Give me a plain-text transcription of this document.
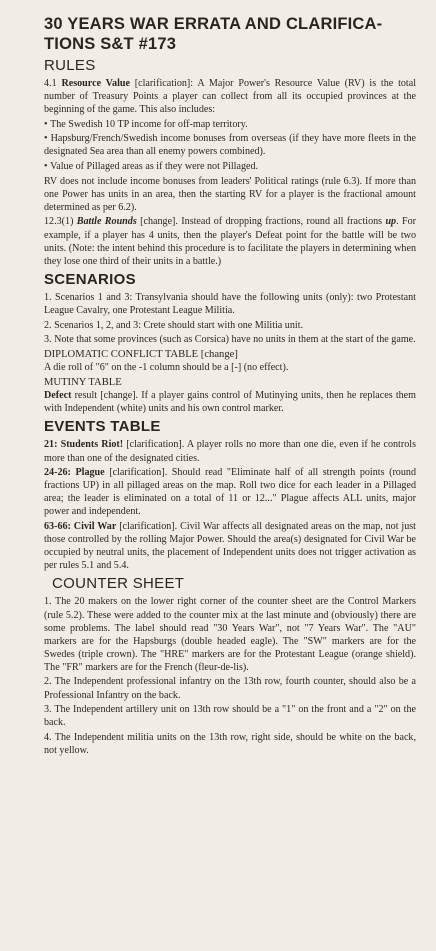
30 YEARS WAR ERRATA AND CLARIFICA-TIONS S&T #173
RULES

4.1 Resource Value [clarification]: A Major Power's Resource Value (RV) is the total number of Treasury Points a player can collect from all its occupied provinces at the beginning of the game. This also includes:

• The Swedish 10 TP income for off-map territory.

• Hapsburg/French/Swedish income bonuses from overseas (if they have more fleets in the designated Sea area than all enemy powers combined).

• Value of Pillaged areas as if they were not Pillaged.

RV does not include income bonuses from leaders' Political ratings (rule 6.3). If more than one Power has units in an area, then the starting RV for a player is the fractional amount determined as per 6.2).

12.3(1) Battle Rounds [change]. Instead of dropping fractions, round all fractions up. For example, if a player has 4 units, then the player's Defeat point for the battle will be two units. (Note: the intent behind this procedure is to facilitate the players in determining when they lose one third of their units in a battle.)

SCENARIOS

1. Scenarios 1 and 3: Transylvania should have the following units (only): two Protestant League Cavalry, one Protestant League Militia.

2. Scenarios 1, 2, and 3: Crete should start with one Militia unit.

3. Note that some provinces (such as Corsica) have no units in them at the start of the game.

DIPLOMATIC CONFLICT TABLE [change]

A die roll of "6" on the -1 column should be a [-] (no effect).

MUTINY TABLE

Defect result [change]. If a player gains control of Mutinying units, then he replaces them with Independent (white) units and his own control marker.

EVENTS TABLE

21: Students Riot! [clarification]. A player rolls no more than one die, even if he controls more than one of the designated cities.

24-26: Plague [clarification]. Should read "Eliminate half of all strength points (round fractions UP) in all pillaged areas on the map. Roll two dice for each leader in a Pillaged area; the leader is eliminated on a total of 11 or 12..." Plague affects ALL units, major power and independent.

63-66: Civil War [clarification]. Civil War affects all designated areas on the map, not just those controlled by the rolling Major Power. Should the area(s) designated for Civil War be occupied by neutral units, the placement of Independent units does not trigger activation as per rules 5.1 and 5.4.

COUNTER SHEET

1. The 20 makers on the lower right corner of the counter sheet are the Control Markers (rule 5.2). These were added to the counter mix at the last minute and (obviously) there are some problems. The label should read "30 Years War", not "7 Years War". The "AU" markers are for the Hapsburgs (double headed eagle). The "SW" markers are for the Swedes (triple crown). The "HRE" markers are for the Protestant League (orange shield). The "FR" markers are for the French (fleur-de-lis).

2. The Independent professional infantry on the 13th row, fourth counter, should also be a Professional Infantry on the back.

3. The Independent artillery unit on 13th row should be a "1" on the front and a "2" on the back.

4. The Independent militia units on the 13th row, right side, should be white on the back, not yellow.
